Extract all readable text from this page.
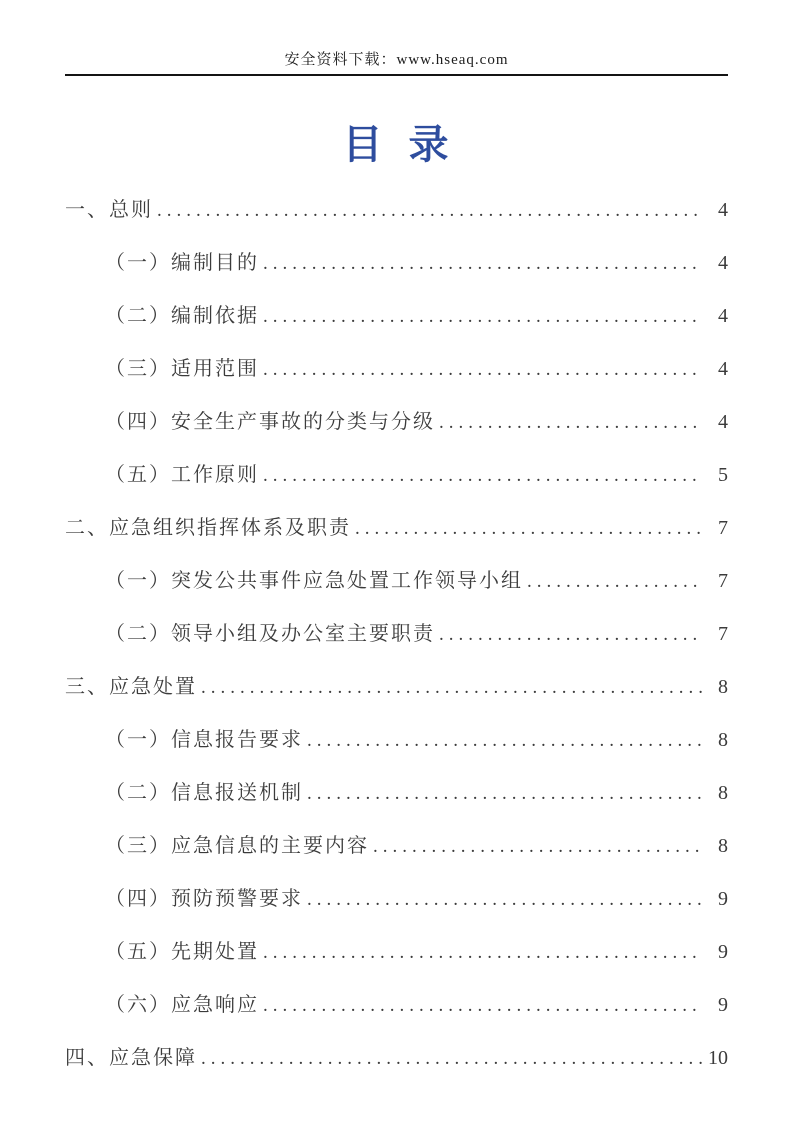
安全资料下载：www.hseaq.com
目  录
一、总则 .....	4
（一）编制目的 .....	4
（二）编制依据 .....	4
（三）适用范围 .....	4
（四）安全生产事故的分类与分级 .....	4
（五）工作原则 .....	5
二、应急组织指挥体系及职责 .....	7
（一）突发公共事件应急处置工作领导小组 .....	7
（二）领导小组及办公室主要职责 .....	7
三、应急处置 .....	8
（一）信息报告要求 .....	8
（二）信息报送机制 .....	8
（三）应急信息的主要内容 .....	8
（四）预防预警要求 .....	9
（五）先期处置 .....	9
（六）应急响应 .....	9
四、应急保障 .....	10
